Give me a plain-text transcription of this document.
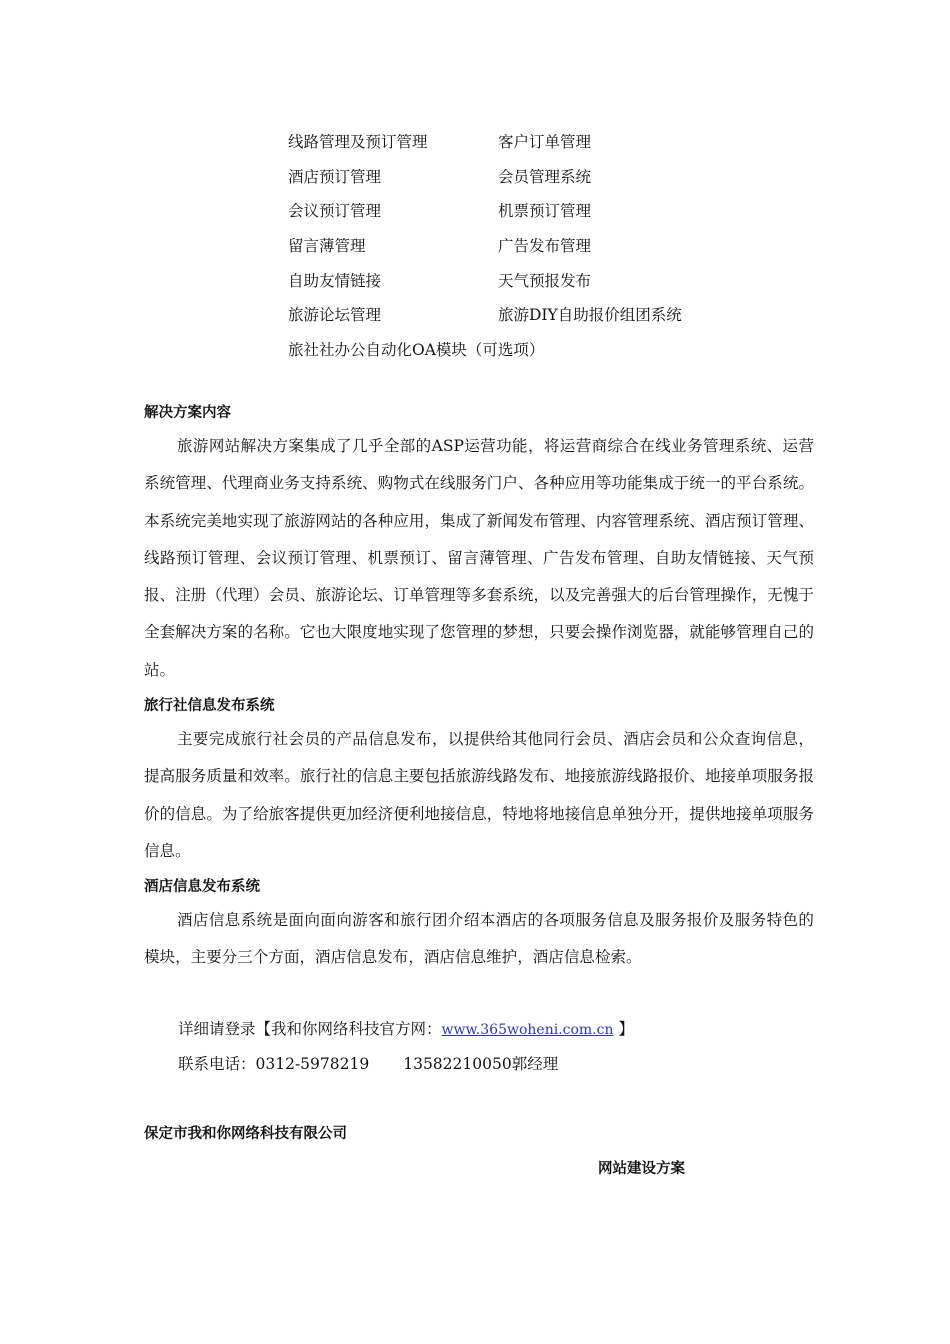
线路管理及预订管理	客户订单管理
酒店预订管理	会员管理系统
会议预订管理	机票预订管理
留言薄管理	广告发布管理
自助友情链接	天气预报发布
旅游论坛管理	旅游DIY自助报价组团系统
旅社社办公自动化OA模块（可选项）
解决方案内容

旅游网站解决方案集成了几乎全部的ASP运营功能，将运营商综合在线业务管理系统、运营系统管理、代理商业务支持系统、购物式在线服务门户、各种应用等功能集成于统一的平台系统。本系统完美地实现了旅游网站的各种应用，集成了新闻发布管理、内容管理系统、酒店预订管理、线路预订管理、会议预订管理、机票预订、留言薄管理、广告发布管理、自助友情链接、天气预报、注册（代理）会员、旅游论坛、订单管理等多套系统，以及完善强大的后台管理操作，无愧于全套解决方案的名称。它也大限度地实现了您管理的梦想，只要会操作浏览器，就能够管理自己的站。

旅行社信息发布系统

主要完成旅行社会员的产品信息发布，以提供给其他同行会员、酒店会员和公众查询信息，提高服务质量和效率。旅行社的信息主要包括旅游线路发布、地接旅游线路报价、地接单项服务报价的信息。为了给旅客提供更加经济便利地接信息，特地将地接信息单独分开，提供地接单项服务信息。

酒店信息发布系统

酒店信息系统是面向面向游客和旅行团介绍本酒店的各项服务信息及服务报价及服务特色的模块，主要分三个方面，酒店信息发布，酒店信息维护，酒店信息检索。

详细请登录【我和你网络科技官方网：www.365woheni.com.cn 】
联系电话：0312-5978219 13582210050郭经理
保定市我和你网络科技有限公司
网站建设方案
